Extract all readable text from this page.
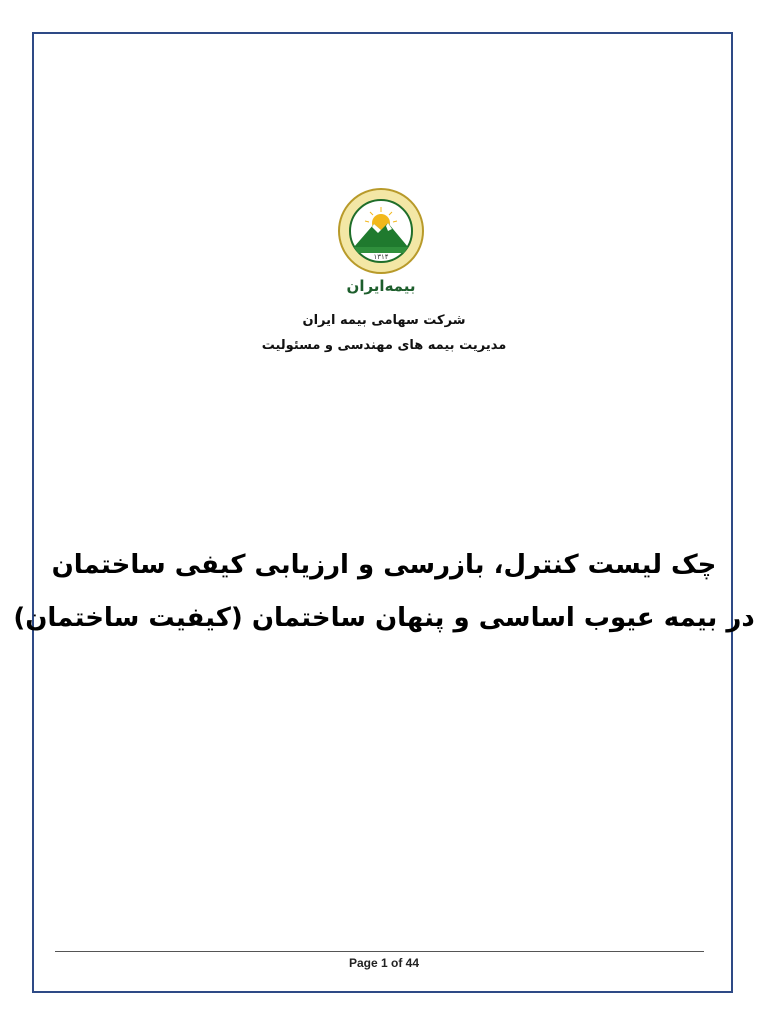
۱۳۱۴
بیمه‌ایران
شرکت سهامی بیمه ایران
مدیریت بیمه های مهندسی و مسئولیت
چک لیست کنترل، بازرسی و ارزیابی کیفی ساختمان
در بیمه عیوب اساسی و پنهان ساختمان (کیفیت ساختمان)
Page 1 of 44
